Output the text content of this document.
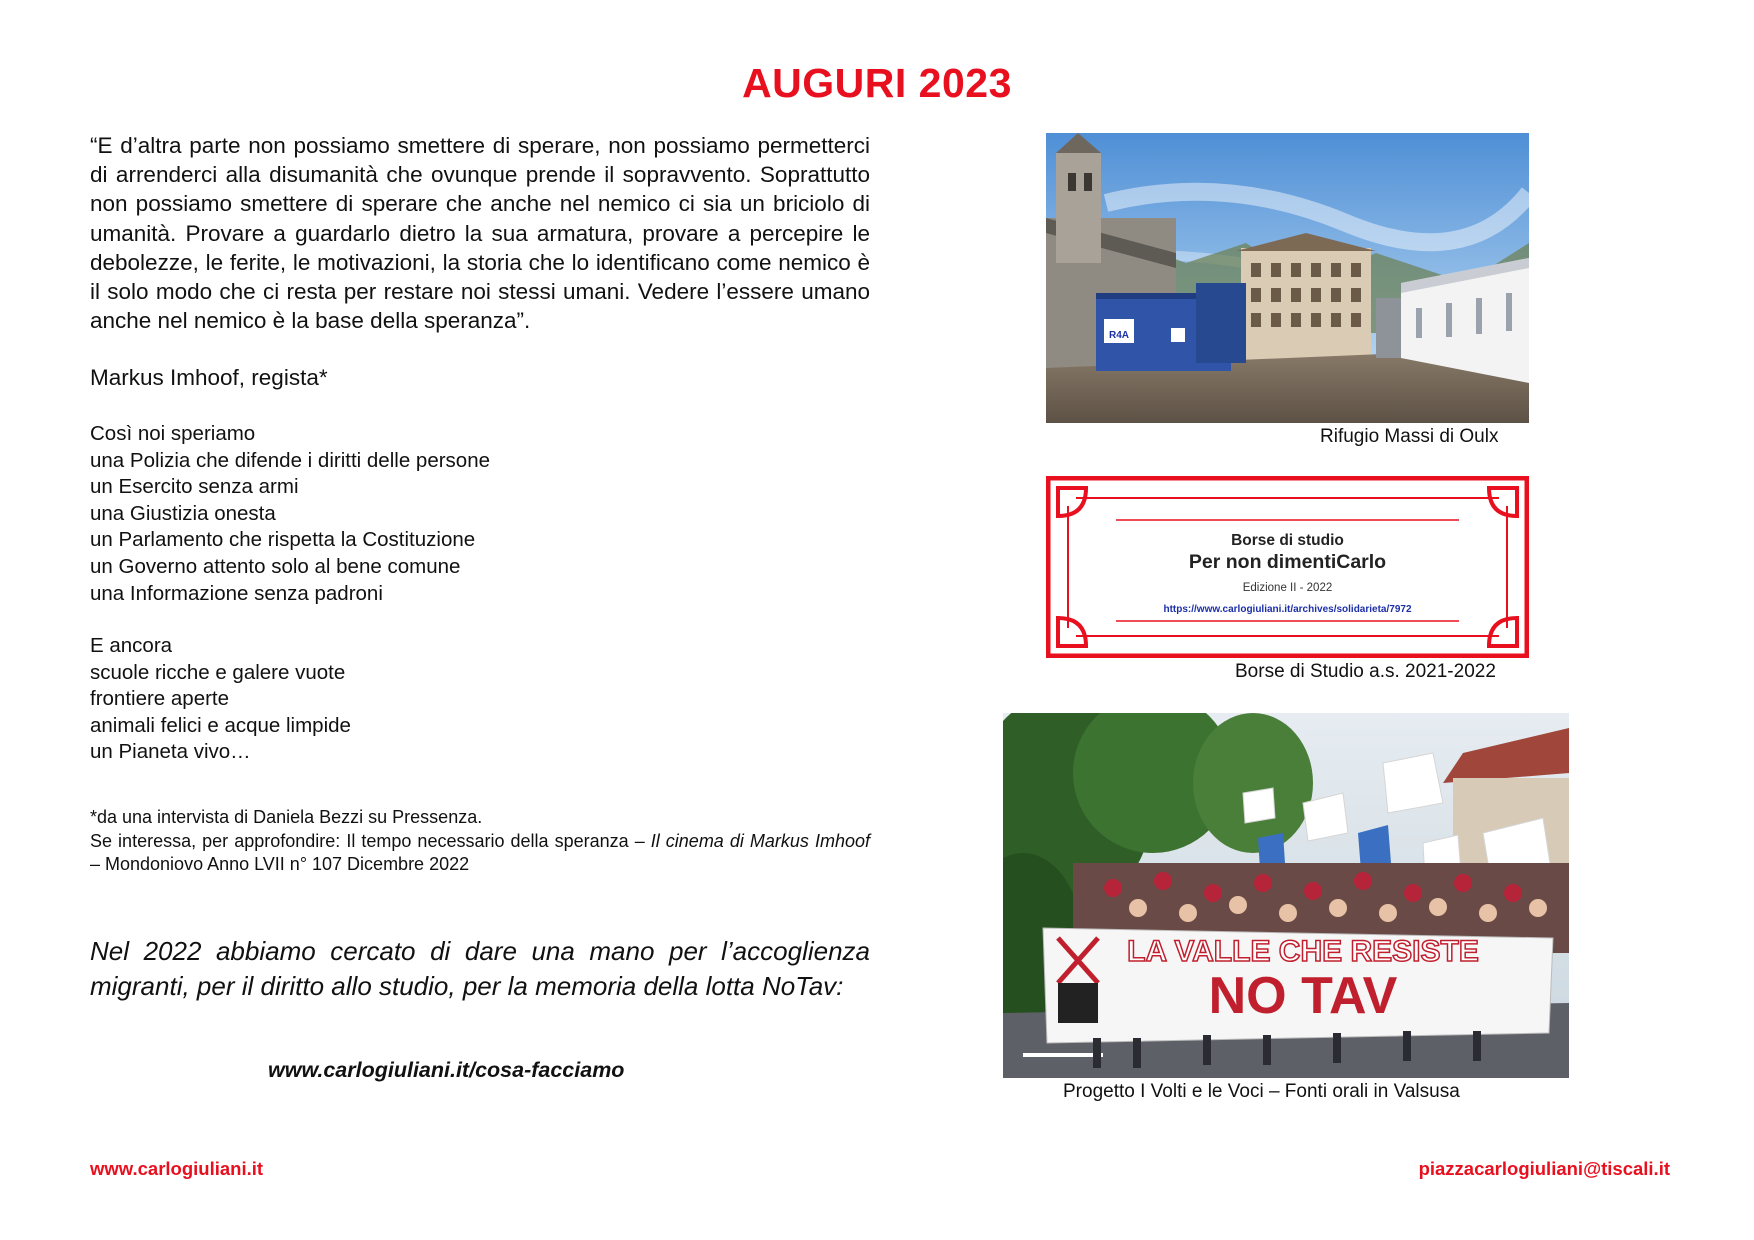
AUGURI 2023

“E d’altra parte non possiamo smettere di sperare, non possiamo permetterci di arrenderci alla disumanità che ovunque prende il sopravvento. Soprattutto non possiamo smettere di sperare che anche nel nemico ci sia un briciolo di umanità. Provare a guardarlo dietro la sua armatura, provare a percepire le debolezze, le ferite, le motivazioni, la storia che lo identificano come nemico è il solo modo che ci resta per restare noi stessi umani. Vedere l’essere umano anche nel nemico è la base della speranza”.

Markus Imhoof, regista*
Così noi speriamo
una Polizia che difende i diritti delle persone
un Esercito senza armi
una Giustizia onesta
un Parlamento che rispetta la Costituzione
un Governo attento solo al bene comune
una Informazione senza padroni
E ancora
scuole ricche e galere vuote
frontiere aperte
animali felici e acque limpide
un Pianeta vivo…
*da una intervista di Daniela Bezzi su Pressenza.
Se interessa, per approfondire: Il tempo necessario della speranza – Il cinema di Markus Imhoof – Mondoniovo Anno LVII n° 107 Dicembre 2022
Nel 2022 abbiamo cercato di dare una mano per l’accoglienza migranti, per il diritto allo studio, per la memoria della lotta NoTav:
www.carlogiuliani.it/cosa-facciamo
www.carlogiuliani.it	piazzacarlogiuliani@tiscali.it
R4A
Rifugio Massi di Oulx
Borse di studio
Per non dimentiCarlo
Edizione II - 2022
https://www.carlogiuliani.it/archives/solidarieta/7972
Borse di Studio a.s. 2021-2022
LA VALLE CHE RESISTE
NO TAV
Progetto I Volti e le Voci – Fonti orali in Valsusa
